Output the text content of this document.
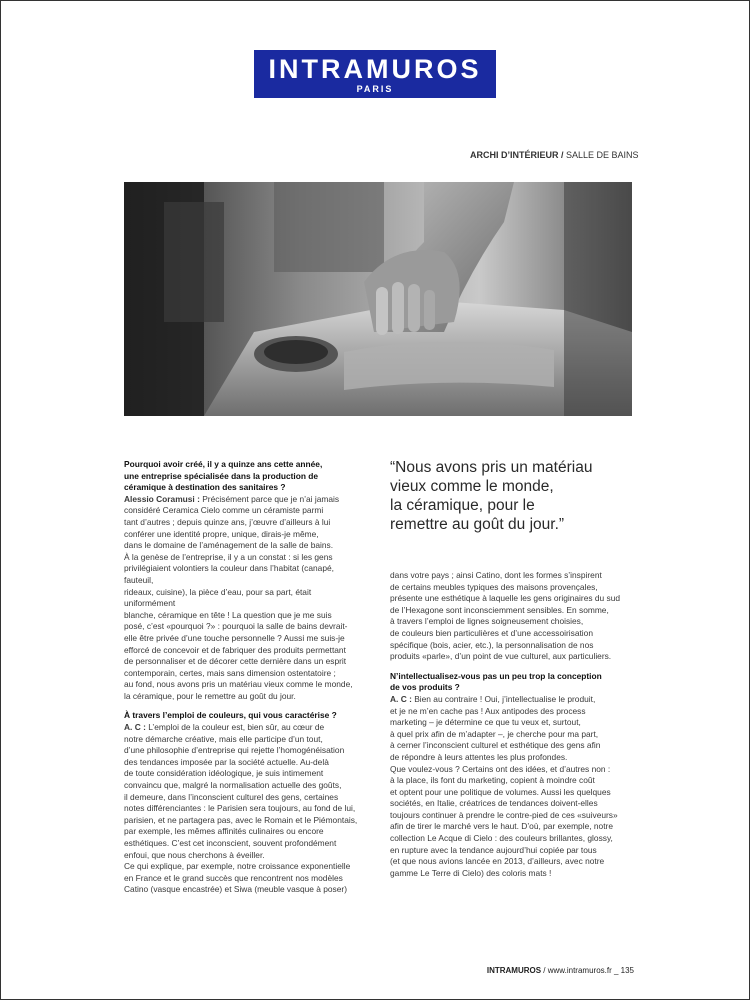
INTRAMUROS
PARIS
ARCHI D’INTÉRIEUR / SALLE DE BAINS

Pourquoi avoir créé, il y a quinze ans cette année,

une entreprise spécialisée dans la production de

céramique à destination des sanitaires ?

Alessio Coramusi : Précisément parce que je n’ai jamais

considéré Ceramica Cielo comme un céramiste parmi

tant d’autres ; depuis quinze ans, j’œuvre d’ailleurs à lui

conférer une identité propre, unique, dirais-je même,

dans le domaine de l’aménagement de la salle de bains.

À la genèse de l’entreprise, il y a un constat : si les gens

privilégiaient volontiers la couleur dans l’habitat (canapé, fauteuil,

rideaux, cuisine), la pièce d’eau, pour sa part, était uniformément

blanche, céramique en tête ! La question que je me suis

posé, c’est «pourquoi ?» : pourquoi la salle de bains devrait-

elle être privée d’une touche personnelle ? Aussi me suis-je

efforcé de concevoir et de fabriquer des produits permettant

de personnaliser et de décorer cette dernière dans un esprit

contemporain, certes, mais sans dimension ostentatoire ;

au fond, nous avons pris un matériau vieux comme le monde,

la céramique, pour le remettre au goût du jour.

À travers l’emploi de couleurs, qui vous caractérise ?

A. C : L’emploi de la couleur est, bien sûr, au cœur de

notre démarche créative, mais elle participe d’un tout,

d’une philosophie d’entreprise qui rejette l’homogénéisation

des tendances imposée par la société actuelle. Au-delà

de toute considération idéologique, je suis intimement

convaincu que, malgré la normalisation actuelle des goûts,

il demeure, dans l’inconscient culturel des gens, certaines

notes différenciantes : le Parisien sera toujours, au fond de lui,

parisien, et ne partagera pas, avec le Romain et le Piémontais,

par exemple, les mêmes affinités culinaires ou encore

esthétiques. C’est cet inconscient, souvent profondément

enfoui, que nous cherchons à éveiller.

Ce qui explique, par exemple, notre croissance exponentielle

en France et le grand succès que rencontrent nos modèles

Catino (vasque encastrée) et Siwa (meuble vasque à poser)

“Nous avons pris un matériau

vieux comme le monde,

la céramique, pour le

remettre au goût du jour.”

dans votre pays ; ainsi Catino, dont les formes s’inspirent

de certains meubles typiques des maisons provençales,

présente une esthétique à laquelle les gens originaires du sud

de l’Hexagone sont inconsciemment sensibles. En somme,

à travers l’emploi de lignes soigneusement choisies,

de couleurs bien particulières et d’une accessoirisation

spécifique (bois, acier, etc.), la personnalisation de nos

produits «parle», d’un point de vue culturel, aux particuliers.

N’intellectualisez-vous pas un peu trop la conception

de vos produits ?

A. C : Bien au contraire ! Oui, j’intellectualise le produit,

et je ne m’en cache pas ! Aux antipodes des process

marketing – je détermine ce que tu veux et, surtout,

à quel prix afin de m’adapter –, je cherche pour ma part,

à cerner l’inconscient culturel et esthétique des gens afin

de répondre à leurs attentes les plus profondes.

Que voulez-vous ? Certains ont des idées, et d’autres non :

à la place, ils font du marketing, copient à moindre coût

et optent pour une politique de volumes. Aussi les quelques

sociétés, en Italie, créatrices de tendances doivent-elles

toujours continuer à prendre le contre-pied de ces «suiveurs»

afin de tirer le marché vers le haut. D’où, par exemple, notre

collection Le Acque di Cielo : des couleurs brillantes, glossy,

en rupture avec la tendance aujourd’hui copiée par tous

(et que nous avions lancée en 2013, d’ailleurs, avec notre

gamme Le Terre di Cielo) des coloris mats !

INTRAMUROS / www.intramuros.fr _ 135
